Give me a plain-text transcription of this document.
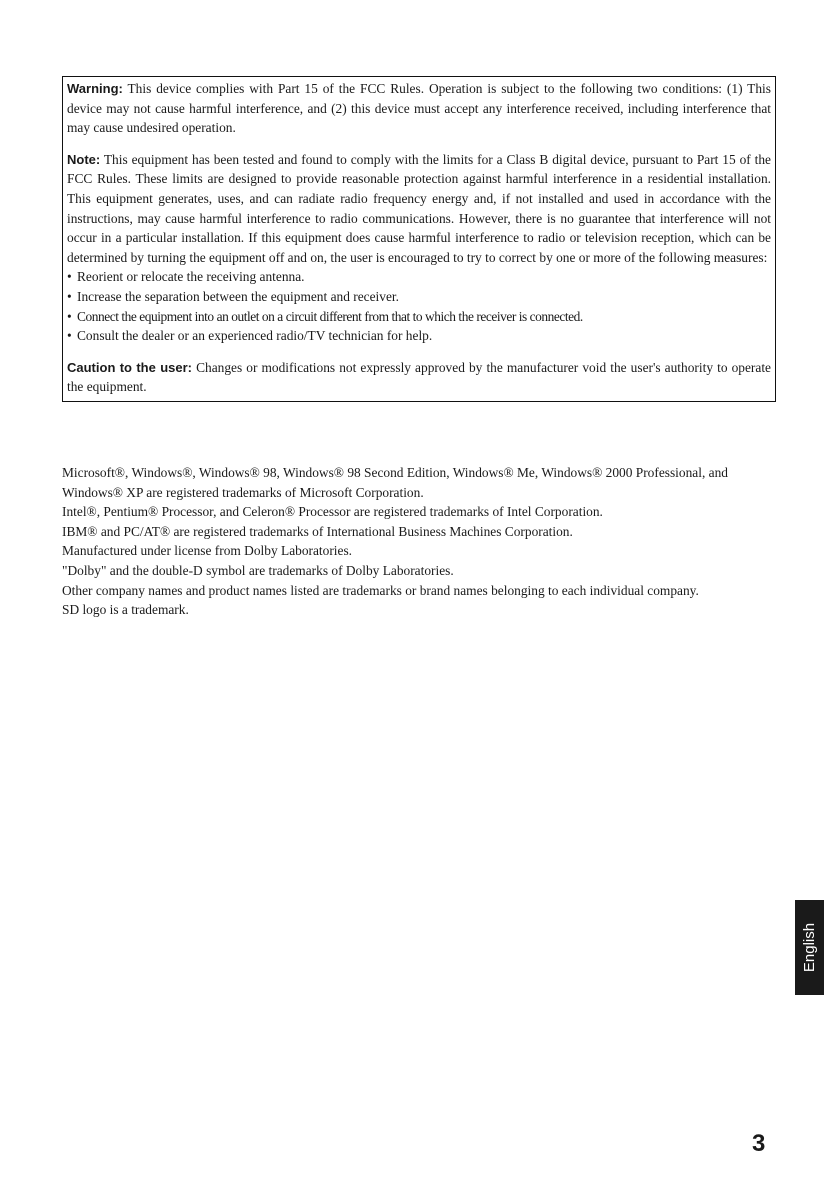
Warning: This device complies with Part 15 of the FCC Rules. Operation is subject to the following two conditions: (1) This device may not cause harmful interference, and (2) this device must accept any interference received, including interference that may cause undesired operation.

Note: This equipment has been tested and found to comply with the limits for a Class B digital device, pursuant to Part 15 of the FCC Rules. These limits are designed to provide reasonable protection against harmful interference in a residential installation. This equipment generates, uses, and can radiate radio frequency energy and, if not installed and used in accordance with the instructions, may cause harmful interference to radio communications. However, there is no guarantee that interference will not occur in a particular installation. If this equipment does cause harmful interference to radio or television reception, which can be determined by turning the equipment off and on, the user is encouraged to try to correct by one or more of the following measures:

• Reorient or relocate the receiving antenna.
• Increase the separation between the equipment and receiver.
• Connect the equipment into an outlet on a circuit different from that to which the receiver is connected.
• Consult the dealer or an experienced radio/TV technician for help.

Caution to the user: Changes or modifications not expressly approved by the manufacturer void the user's authority to operate the equipment.

Microsoft®, Windows®, Windows® 98, Windows® 98 Second Edition, Windows® Me, Windows® 2000 Professional, and Windows® XP are registered trademarks of Microsoft Corporation.

Intel®, Pentium® Processor, and Celeron® Processor are registered trademarks of Intel Corporation.

IBM® and PC/AT® are registered trademarks of International Business Machines Corporation.

Manufactured under license from Dolby Laboratories.

"Dolby" and the double-D symbol are trademarks of Dolby Laboratories.

Other company names and product names listed are trademarks or brand names belonging to each individual company.

SD logo is a trademark.

English
3
